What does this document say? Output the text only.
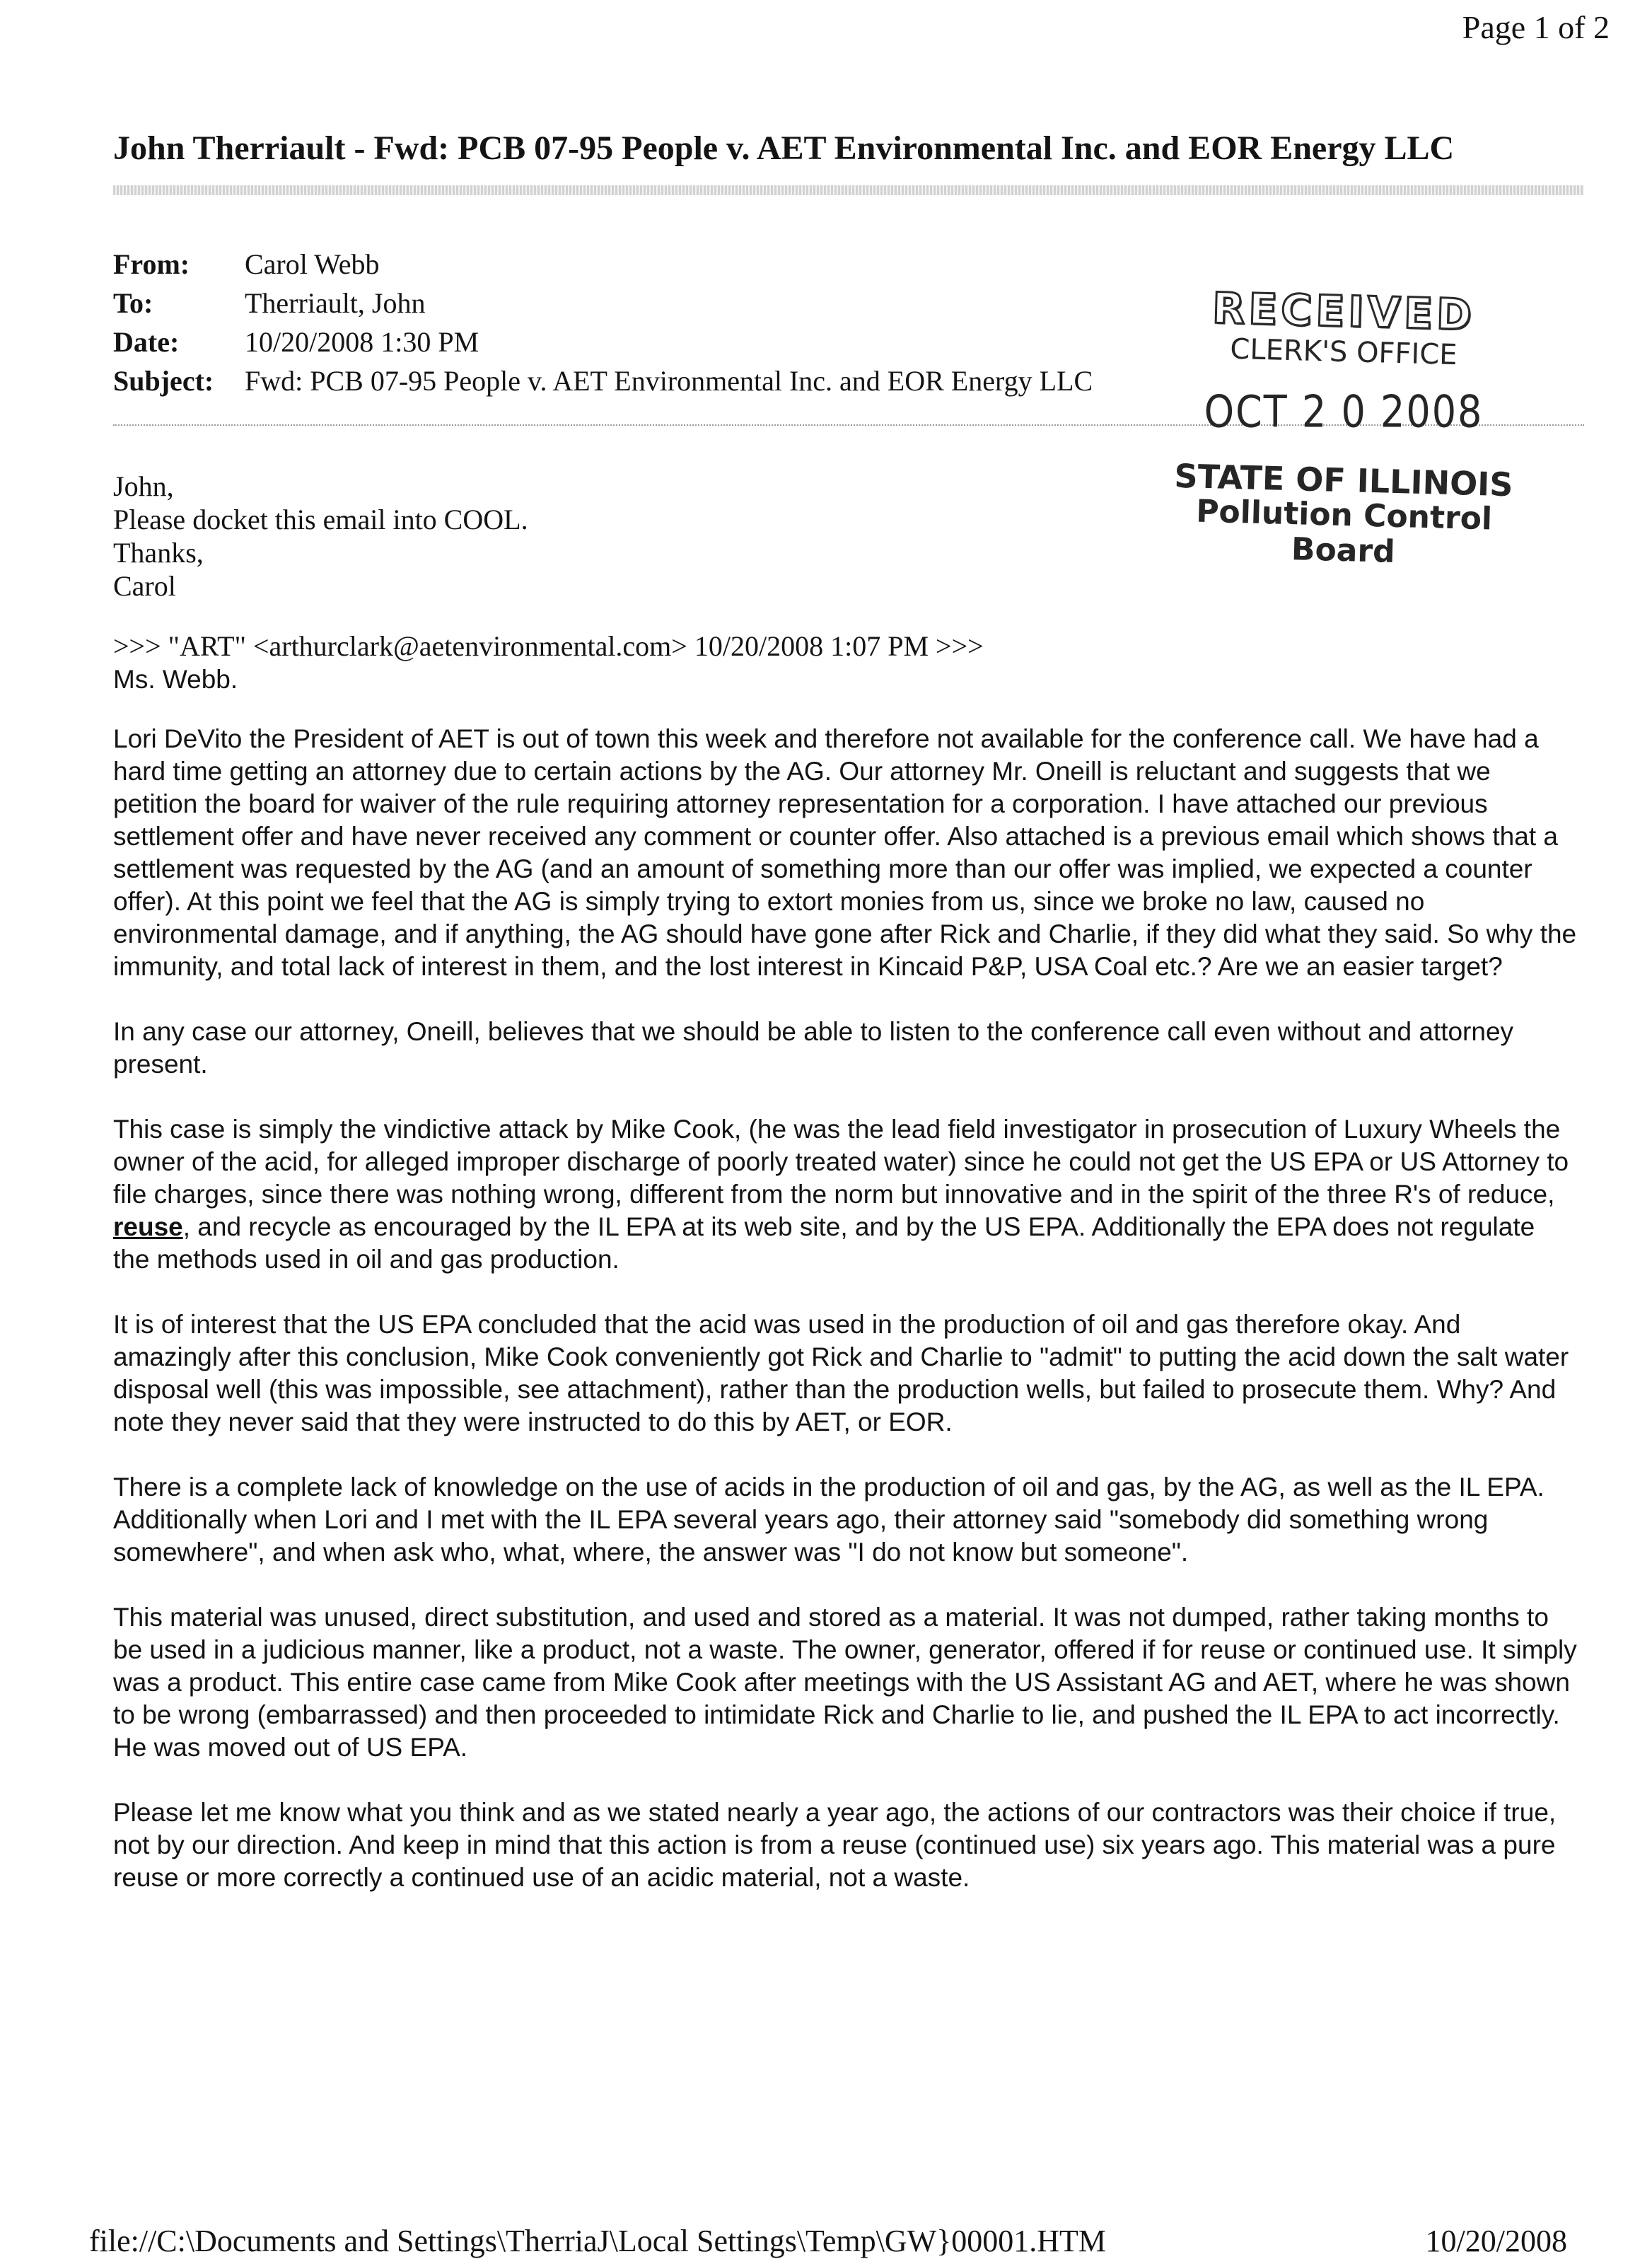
Page 1 of 2
John Therriault - Fwd: PCB 07-95 People v. AET Environmental Inc. and EOR Energy LLC
From:	Carol Webb
To:	Therriault, John
Date:	10/20/2008 1:30 PM
Subject:	Fwd: PCB 07-95 People v. AET Environmental Inc. and EOR Energy LLC
RECEIVED
CLERK'S OFFICE
OCT 2 0 2008
STATE OF ILLINOIS
Pollution Control Board
John,
Please docket this email into COOL.
Thanks,
Carol
>>> "ART" <arthurclark@aetenvironmental.com> 10/20/2008 1:07 PM >>>
Ms. Webb.

Lori DeVito the President of AET is out of town this week and therefore not available for the conference call. We have had a hard time getting an attorney due to certain actions by the AG. Our attorney Mr. Oneill is reluctant and suggests that we petition the board for waiver of the rule requiring attorney representation for a corporation. I have attached our previous settlement offer and have never received any comment or counter offer. Also attached is a previous email which shows that a settlement was requested by the AG (and an amount of something more than our offer was implied, we expected a counter offer). At this point we feel that the AG is simply trying to extort monies from us, since we broke no law, caused no environmental damage, and if anything, the AG should have gone after Rick and Charlie, if they did what they said. So why the immunity, and total lack of interest in them, and the lost interest in Kincaid P&P, USA Coal etc.? Are we an easier target?

In any case our attorney, Oneill, believes that we should be able to listen to the conference call even without and attorney present.

This case is simply the vindictive attack by Mike Cook, (he was the lead field investigator in prosecution of Luxury Wheels the owner of the acid, for alleged improper discharge of poorly treated water) since he could not get the US EPA or US Attorney to file charges, since there was nothing wrong, different from the norm but innovative and in the spirit of the three R's of reduce, reuse, and recycle as encouraged by the IL EPA at its web site, and by the US EPA. Additionally the EPA does not regulate the methods used in oil and gas production.

It is of interest that the US EPA concluded that the acid was used in the production of oil and gas therefore okay. And amazingly after this conclusion, Mike Cook conveniently got Rick and Charlie to "admit" to putting the acid down the salt water disposal well (this was impossible, see attachment), rather than the production wells, but failed to prosecute them. Why? And note they never said that they were instructed to do this by AET, or EOR.

There is a complete lack of knowledge on the use of acids in the production of oil and gas, by the AG, as well as the IL EPA. Additionally when Lori and I met with the IL EPA several years ago, their attorney said "somebody did something wrong somewhere", and when ask who, what, where, the answer was "I do not know but someone".

This material was unused, direct substitution, and used and stored as a material. It was not dumped, rather taking months to be used in a judicious manner, like a product, not a waste. The owner, generator, offered if for reuse or continued use. It simply was a product. This entire case came from Mike Cook after meetings with the US Assistant AG and AET, where he was shown to be wrong (embarrassed) and then proceeded to intimidate Rick and Charlie to lie, and pushed the IL EPA to act incorrectly. He was moved out of US EPA.

Please let me know what you think and as we stated nearly a year ago, the actions of our contractors was their choice if true, not by our direction. And keep in mind that this action is from a reuse (continued use) six years ago. This material was a pure reuse or more correctly a continued use of an acidic material, not a waste.

file://C:\Documents and Settings\TherriaJ\Local Settings\Temp\GW}00001.HTM	10/20/2008
